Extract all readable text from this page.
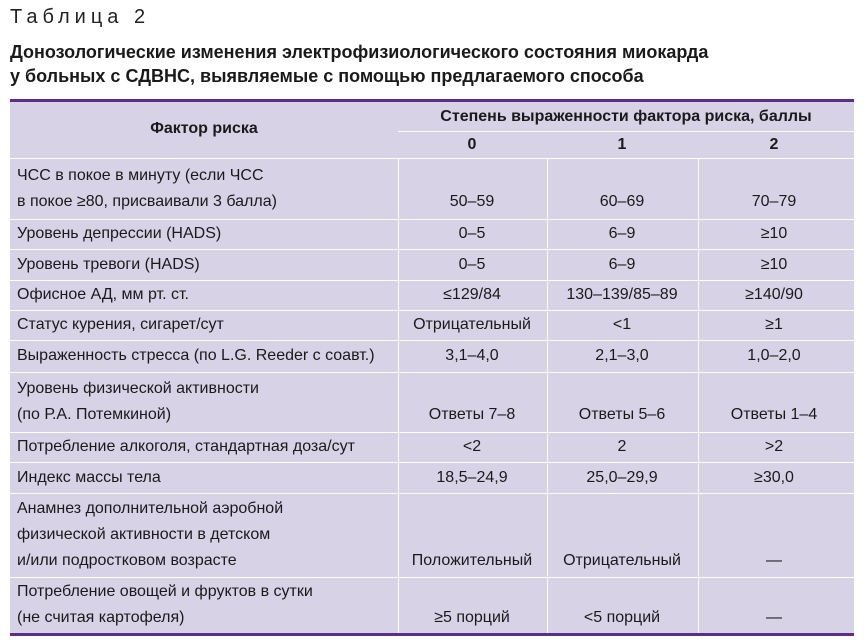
Таблица 2
Донозологические изменения электрофизиологического состояния миокарда
у больных с СДВНС, выявляемые с помощью предлагаемого способа
Фактор риска
Степень выраженности фактора риска, баллы
0	1	2
ЧСС в покое в минуту (если ЧСС
в покое ≥80, присваивали 3 балла)	50–59	60–69	70–79
Уровень депрессии (HADS)	0–5	6–9	≥10
Уровень тревоги (HADS)	0–5	6–9	≥10
Офисное АД, мм рт. ст.	≤129/84	130–139/85–89	≥140/90
Статус курения, сигарет/сут	Отрицательный	<1	≥1
Выраженность стресса (по L.G. Reeder с соавт.)	3,1–4,0	2,1–3,0	1,0–2,0
Уровень физической активности
(по Р.А. Потемкиной)	Ответы 7–8	Ответы 5–6	Ответы 1–4
Потребление алкоголя, стандартная доза/сут	<2	2	>2
Индекс массы тела	18,5–24,9	25,0–29,9	≥30,0
Анамнез дополнительной аэробной
физической активности в детском
и/или подростковом возрасте	Положительный	Отрицательный	—
Потребление овощей и фруктов в сутки
(не считая картофеля)	≥5 порций	<5 порций	—
